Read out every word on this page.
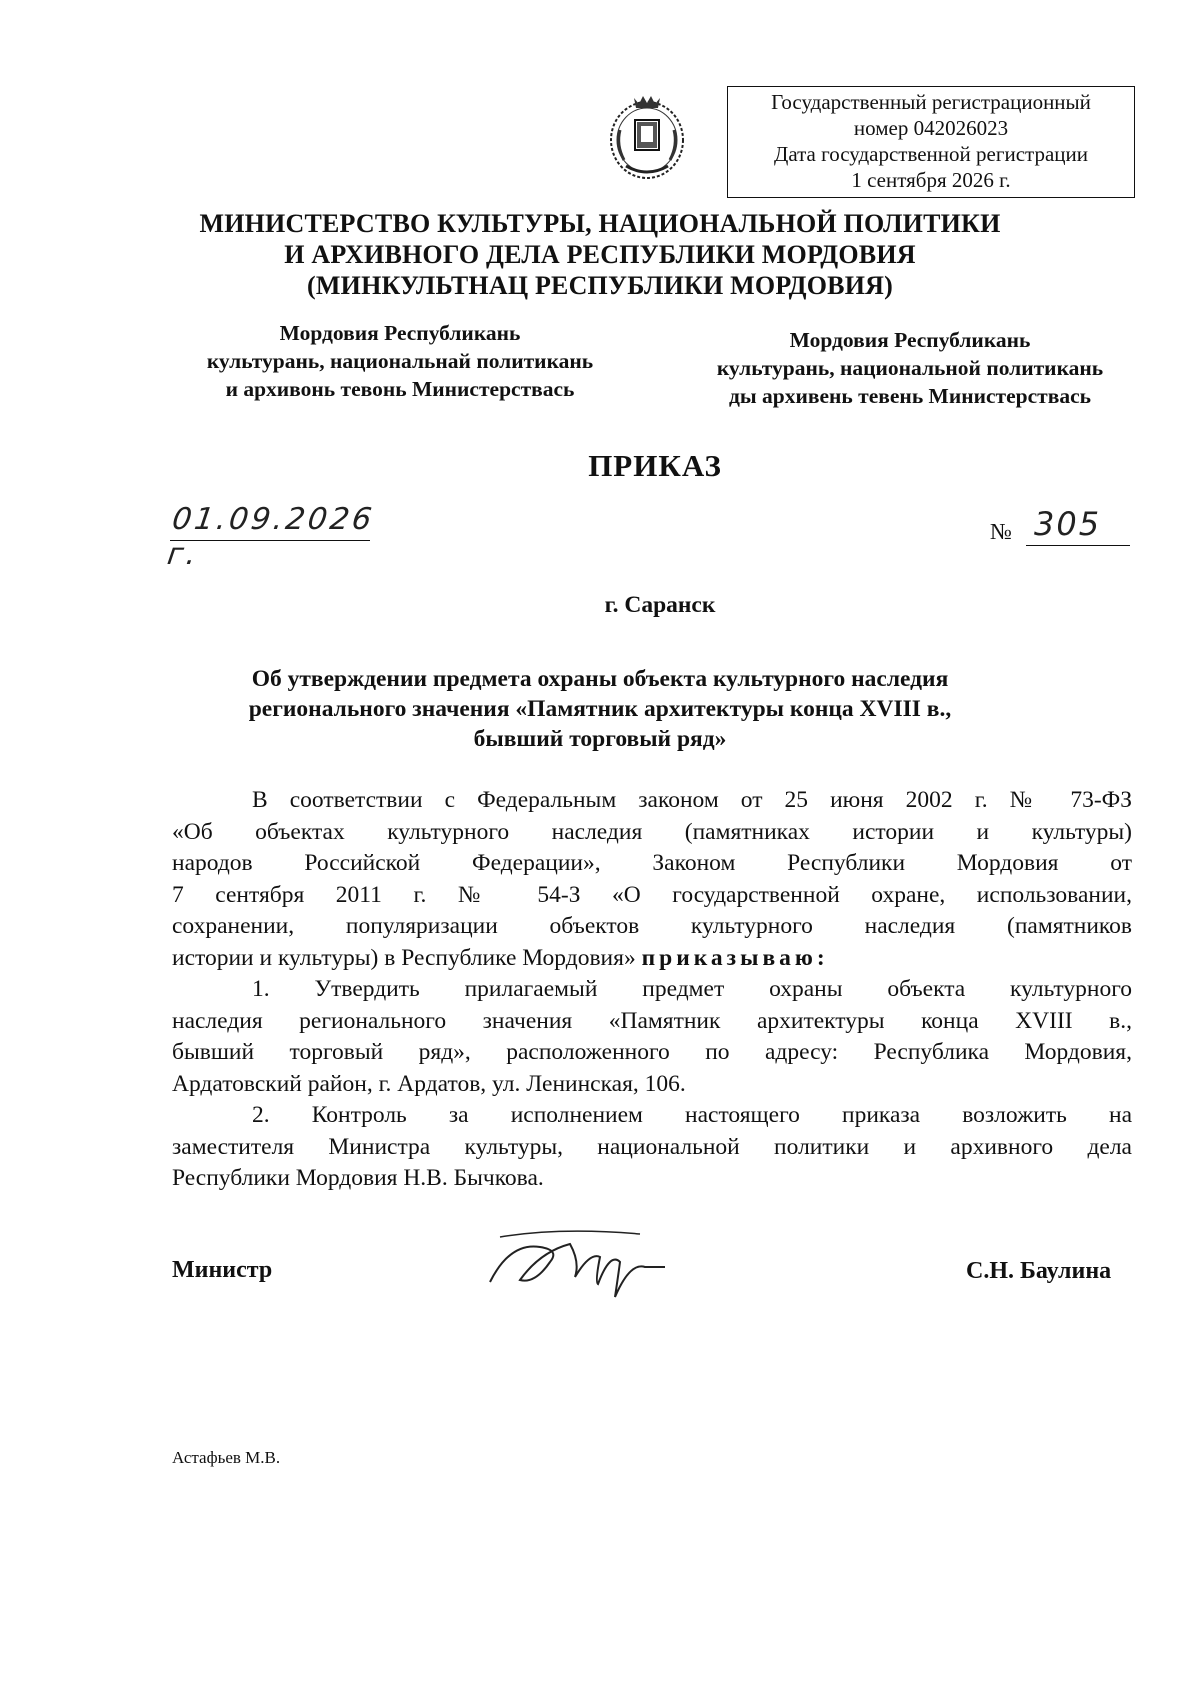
Государственный регистрационный
номер 042026023
Дата государственной регистрации
1 сентября 2026 г.
МИНИСТЕРСТВО КУЛЬТУРЫ, НАЦИОНАЛЬНОЙ ПОЛИТИКИ
И АРХИВНОГО ДЕЛА РЕСПУБЛИКИ МОРДОВИЯ
(МИНКУЛЬТНАЦ РЕСПУБЛИКИ МОРДОВИЯ)
Мордовия Республикань
культурань, национальнай политикань
и архивонь тевонь Министерствась
Мордовия Республикань
культурань, национальной политикань
ды архивень тевень Министерствась
ПРИКАЗ
01.09.2026 г.
№ 305
г. Саранск
Об утверждении предмета охраны объекта культурного наследия
регионального значения «Памятник архитектуры конца XVIII в.,
бывший торговый ряд»
В соответствии с Федеральным законом от 25 июня 2002 г. № 73-ФЗ
«Об объектах культурного наследия (памятниках истории и культуры)
народов Российской Федерации», Законом Республики Мордовия от
7 сентября 2011 г. № 54-З «О государственной охране, использовании,
сохранении, популяризации объектов культурного наследия (памятников
истории и культуры) в Республике Мордовия» приказываю:
1. Утвердить прилагаемый предмет охраны объекта культурного
наследия регионального значения «Памятник архитектуры конца XVIII в.,
бывший торговый ряд», расположенного по адресу: Республика Мордовия,
Ардатовский район, г. Ардатов, ул. Ленинская, 106.
2. Контроль за исполнением настоящего приказа возложить на
заместителя Министра культуры, национальной политики и архивного дела
Республики Мордовия Н.В. Бычкова.
Министр	С.Н. Баулина
Астафьев М.В.
